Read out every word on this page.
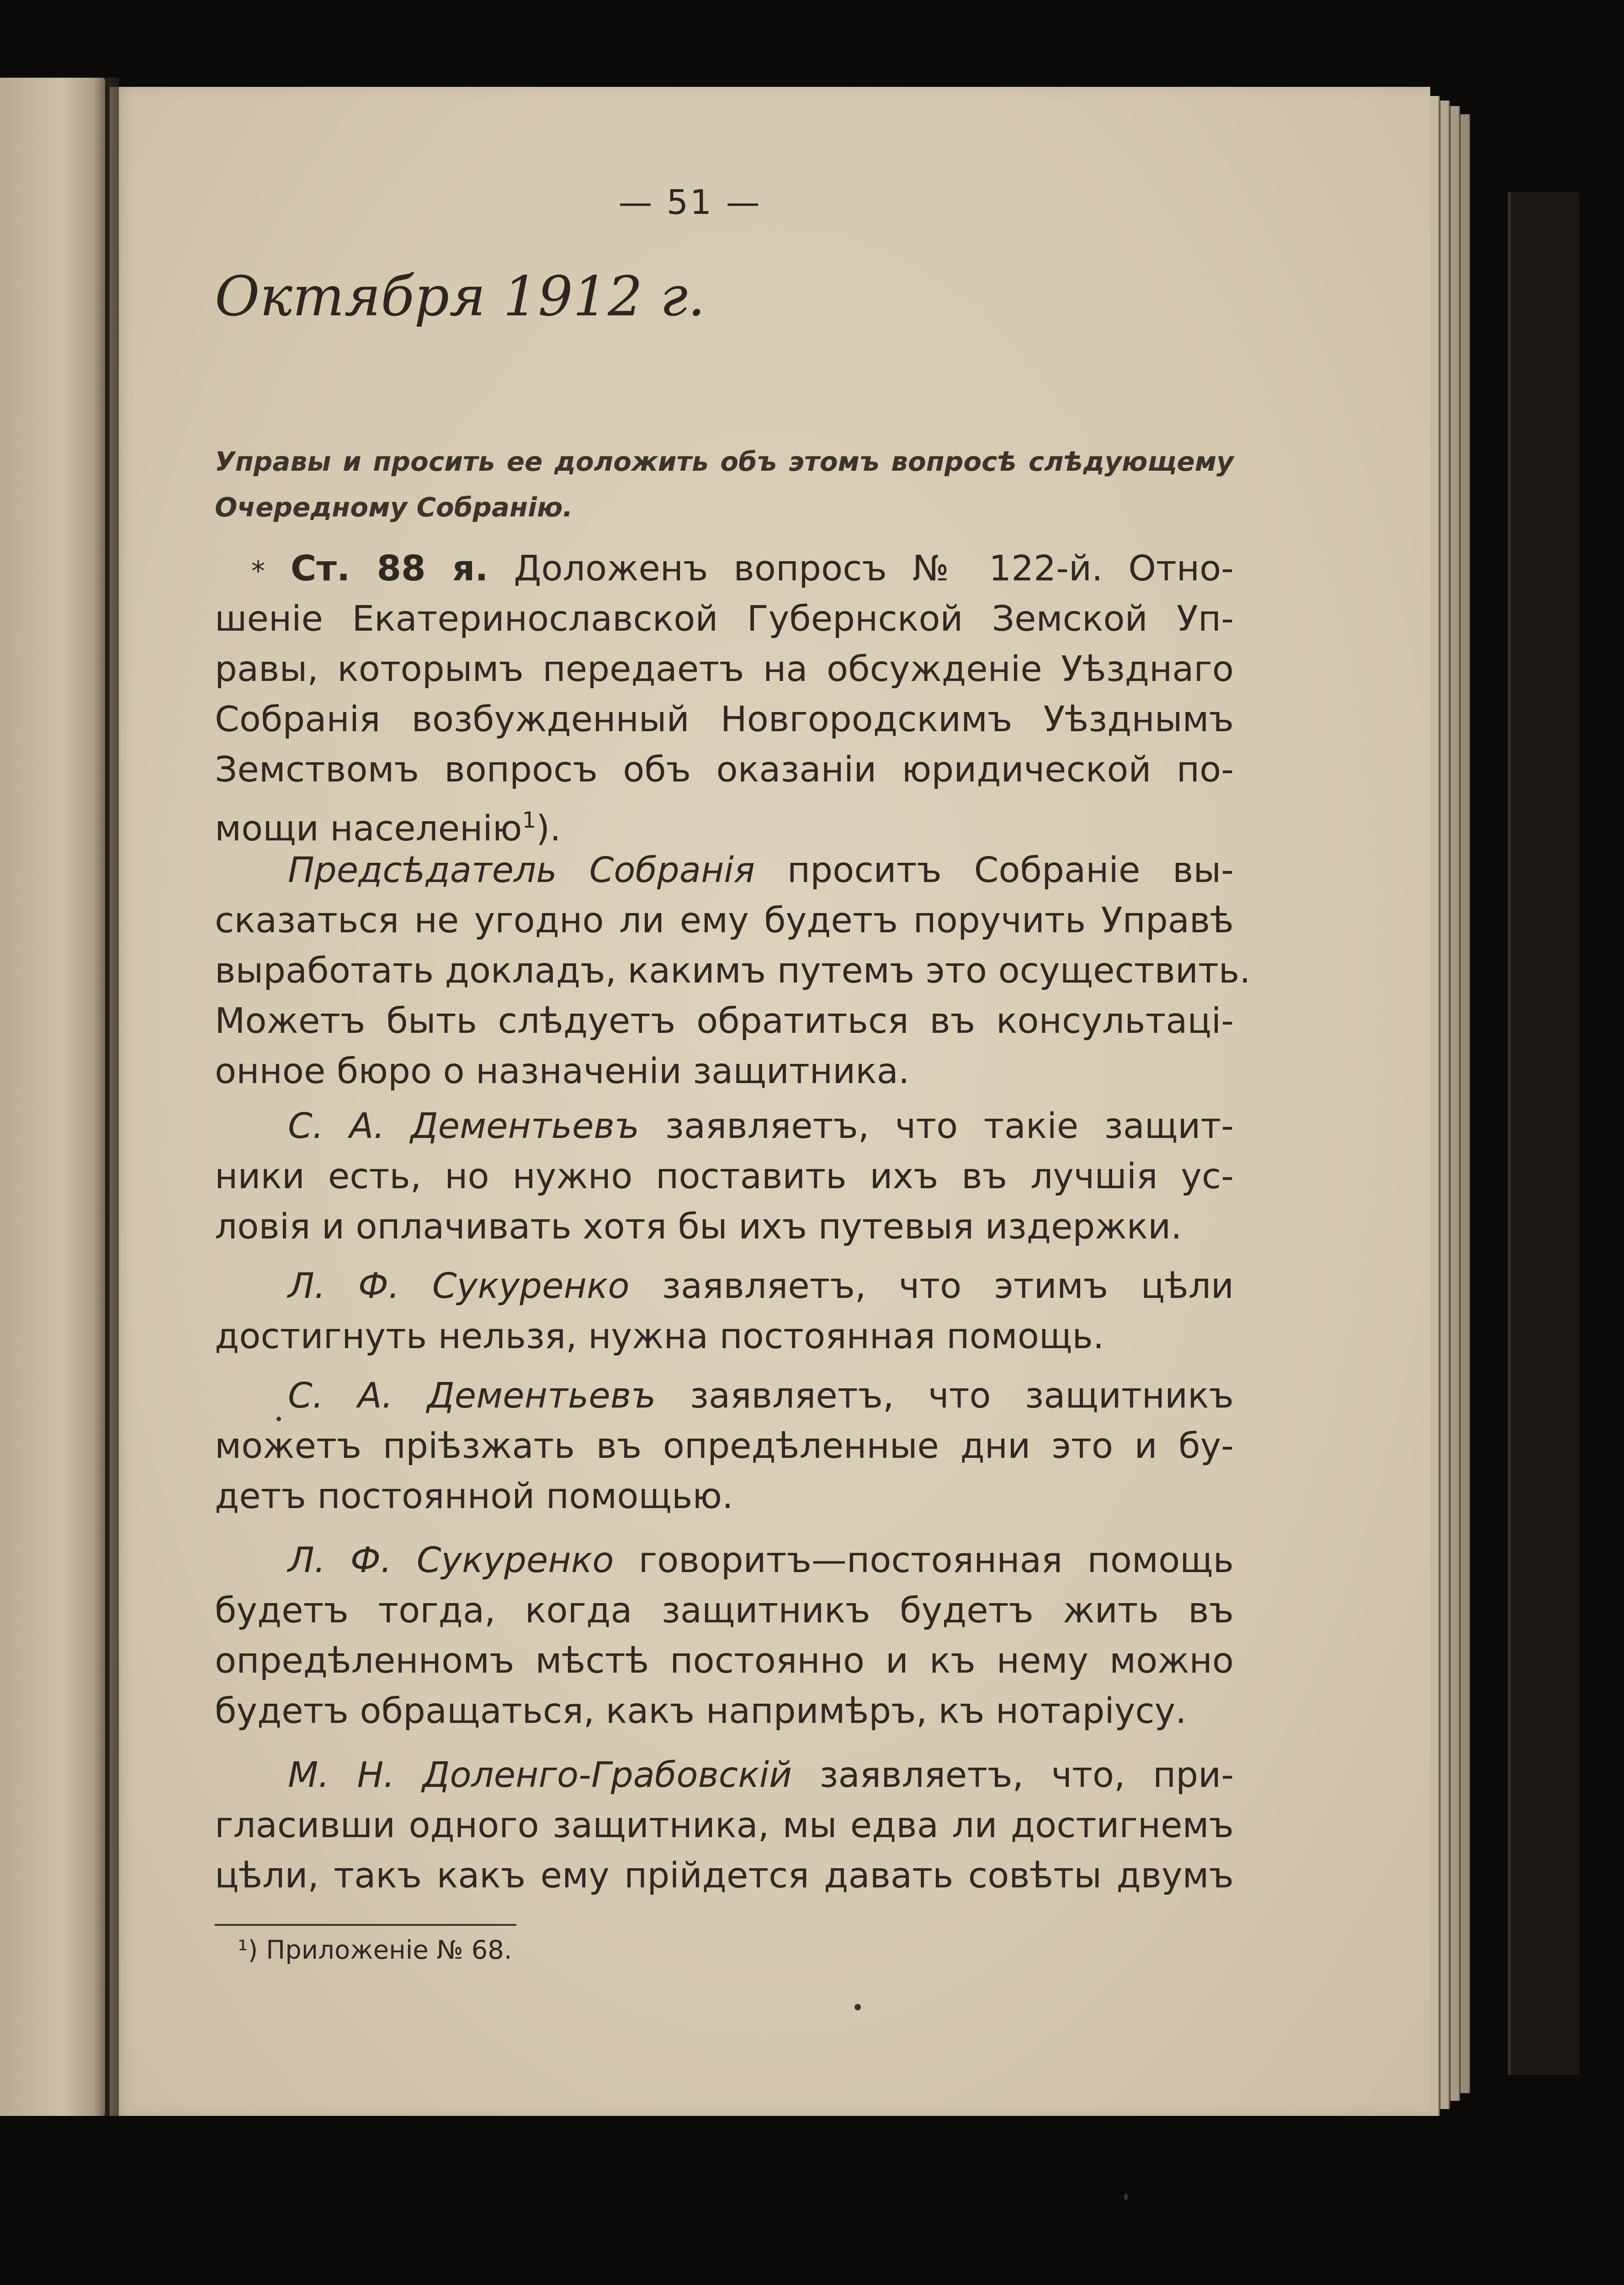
— 51 —
Октября 1912 г.
Управы и просить ее доложить объ этомъ вопросѣ слѣдующему
Очередному Собранію.
* Ст. 88 я. Доложенъ вопросъ № 122-й. Отно-
шеніе Екатеринославской Губернской Земской Уп-
равы, которымъ передаетъ на обсужденіе Уѣзднаго
Собранія возбужденный Новгородскимъ Уѣзднымъ
Земствомъ вопросъ объ оказаніи юридической по-
мощи населенію$^1$).
Предсѣдатель Собранія проситъ Собраніе вы-
сказаться не угодно ли ему будетъ поручить Управѣ
выработать докладъ, какимъ путемъ это осуществить.
Можетъ быть слѣдуетъ обратиться въ консультаці-
онное бюро о назначеніи защитника.
С. А. Дементьевъ заявляетъ, что такіе защит-
ники есть, но нужно поставить ихъ въ лучшія ус-
ловія и оплачивать хотя бы ихъ путевыя издержки.
Л. Ф. Сукуренко заявляетъ, что этимъ цѣли
достигнуть нельзя, нужна постоянная помощь.
С. А. Дементьевъ заявляетъ, что защитникъ
можетъ пріѣзжать въ опредѣленные дни это и бу-
детъ постоянной помощью.
Л. Ф. Сукуренко говоритъ—постоянная помощь
будетъ тогда, когда защитникъ будетъ жить въ
опредѣленномъ мѣстѣ постоянно и къ нему можно
будетъ обращаться, какъ напримѣръ, къ нотаріусу.
М. Н. Доленго-Грабовскій заявляетъ, что, при-
гласивши одного защитника, мы едва ли достигнемъ
цѣли, такъ какъ ему прійдется давать совѣты двумъ
¹) Приложеніе № 68.
